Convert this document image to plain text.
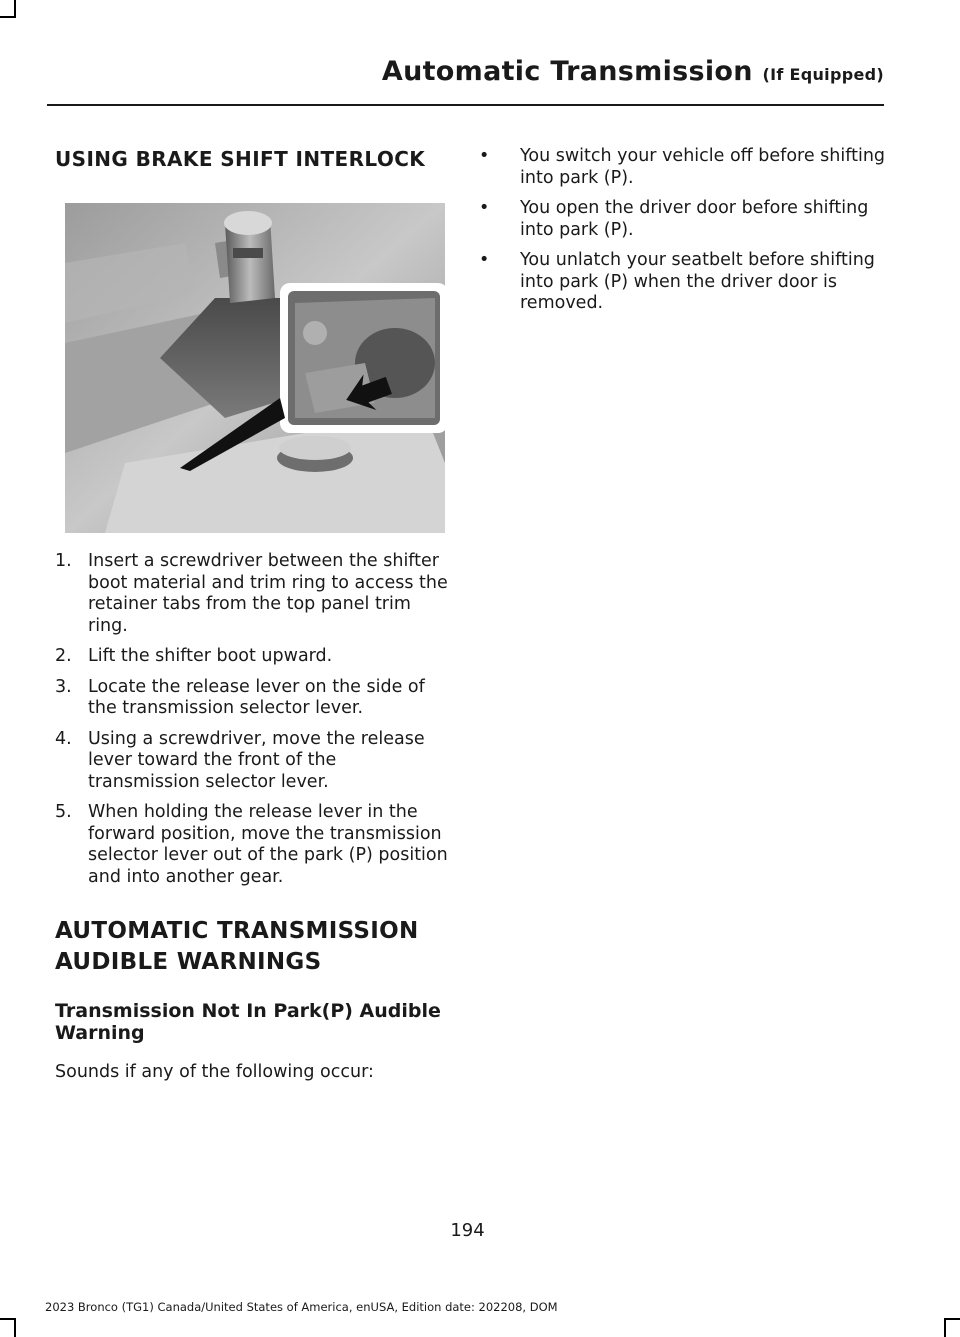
Automatic Transmission (If Equipped)
USING BRAKE SHIFT INTERLOCK
1. Insert a screwdriver between the shifter boot material and trim ring to access the retainer tabs from the top panel trim ring.
2. Lift the shifter boot upward.
3. Locate the release lever on the side of the transmission selector lever.
4. Using a screwdriver, move the release lever toward the front of the transmission selector lever.
5. When holding the release lever in the forward position, move the transmission selector lever out of the park (P) position and into another gear.
AUTOMATIC TRANSMISSION
AUDIBLE WARNINGS
Transmission Not In Park(P) Audible Warning

Sounds if any of the following occur:

• You switch your vehicle off before shifting into park (P).
• You open the driver door before shifting into park (P).
• You unlatch your seatbelt before shifting into park (P) when the driver door is removed.
194
2023 Bronco (TG1) Canada/United States of America, enUSA, Edition date: 202208, DOM
